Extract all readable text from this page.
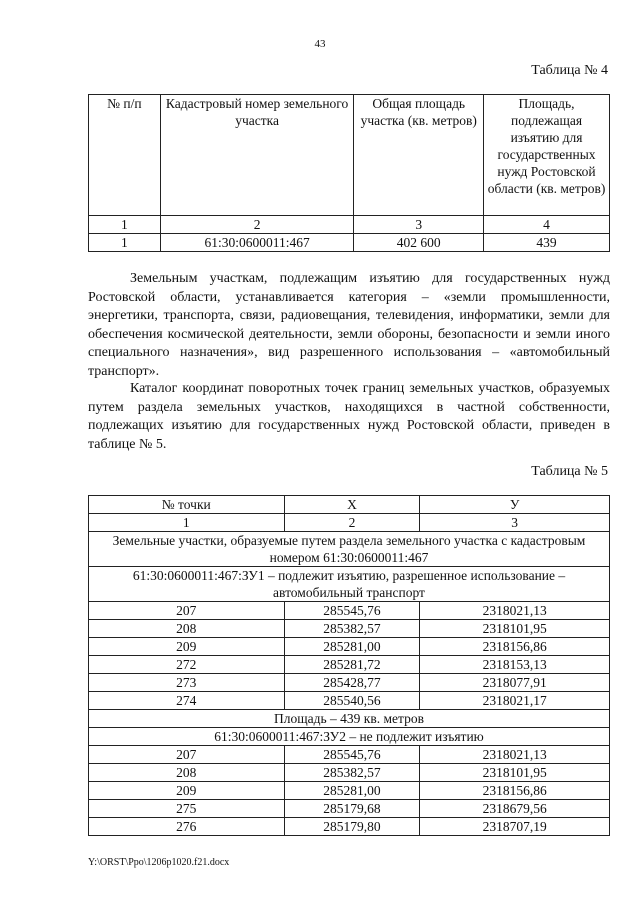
43
Таблица № 4
№ п/п	Кадастровый номер земельного участка	Общая площадь участка (кв. метров)	Площадь, подлежащая изъятию для государственных нужд Ростовской области (кв. метров)
1	2	3	4
1	61:30:0600011:467	402 600	439
Земельным участкам, подлежащим изъятию для государственных нужд Ростовской области, устанавливается категория – «земли промышленности, энергетики, транспорта, связи, радиовещания, телевидения, информатики, земли для обеспечения космической деятельности, земли обороны, безопасности и земли иного специального назначения», вид разрешенного использования – «автомобильный транспорт».
Каталог координат поворотных точек границ земельных участков, образуемых путем раздела земельных участков, находящихся в частной собственности, подлежащих изъятию для государственных нужд Ростовской области, приведен в таблице № 5.
Таблица № 5
№ точки	X	У
1	2	3
Земельные участки, образуемые путем раздела земельного участка с кадастровым номером 61:30:0600011:467		
61:30:0600011:467:ЗУ1 – подлежит изъятию, разрешенное использование – автомобильный транспорт		
207	285545,76	2318021,13
208	285382,57	2318101,95
209	285281,00	2318156,86
272	285281,72	2318153,13
273	285428,77	2318077,91
274	285540,56	2318021,17
Площадь – 439 кв. метров		
61:30:0600011:467:ЗУ2 – не подлежит изъятию		
207	285545,76	2318021,13
208	285382,57	2318101,95
209	285281,00	2318156,86
275	285179,68	2318679,56
276	285179,80	2318707,19
Y:\ORST\Ppo\1206p1020.f21.docx
